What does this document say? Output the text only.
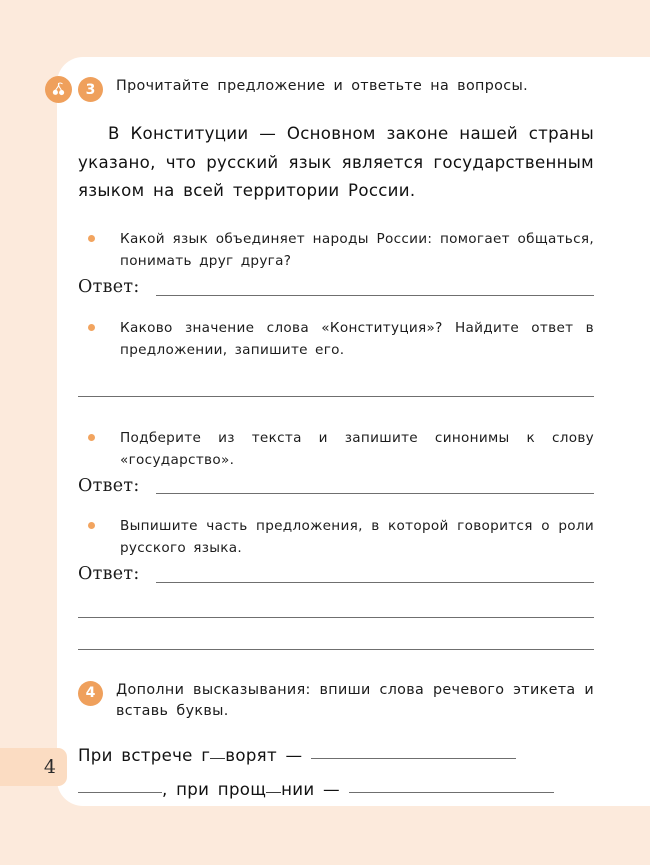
4
3	Прочитайте предложение и ответьте на вопросы.
В Конституции — Основном законе нашей страны указано, что русский язык является государственным языком на всей территории России.
Какой язык объединяет народы России: помогает общаться, понимать друг друга?
Ответ:
Каково значение слова «Конституция»? Найдите ответ в предложении, запишите его.
Подберите из текста и запишите синонимы к слову «государство».
Ответ:
Выпишите часть предложения, в которой говорится о роли русского языка.
Ответ:
4	Дополни высказывания: впиши слова речевого этикета и вставь буквы.
При встрече г ворят — , при прощ нии —
